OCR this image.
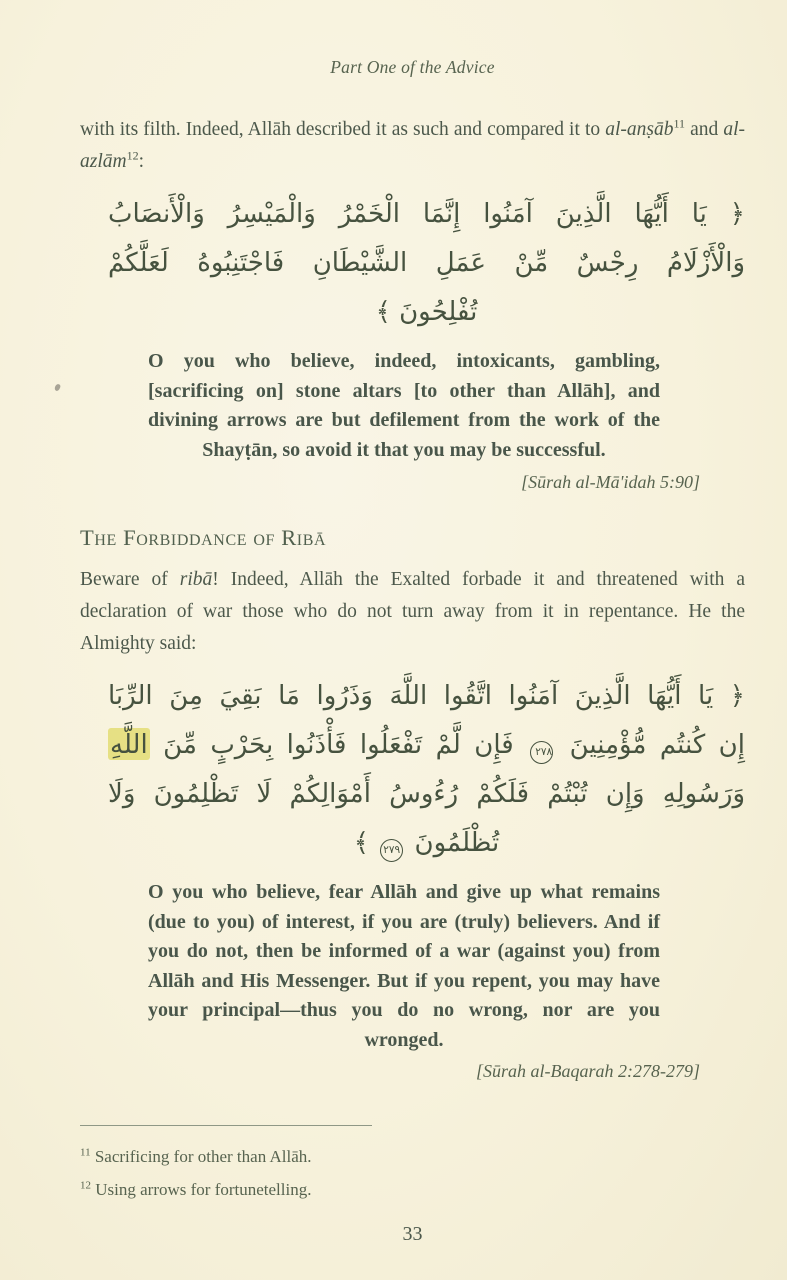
Part One of the Advice

with its filth. Indeed, Allāh described it as such and compared it to al-anṣāb$^{11}$ and al-azlām$^{12}$:

﴿ يَا أَيُّهَا الَّذِينَ آمَنُوا إِنَّمَا الْخَمْرُ وَالْمَيْسِرُ وَالْأَنصَابُ
وَالْأَزْلَامُ رِجْسٌ مِّنْ عَمَلِ الشَّيْطَانِ فَاجْتَنِبُوهُ لَعَلَّكُمْ
تُفْلِحُونَ ﴾

O you who believe, indeed, intoxicants, gambling, [sacrificing on] stone altars [to other than Allāh], and divining arrows are but defilement from the work of the Shayṭān, so avoid it that you may be successful.

[Sūrah al-Mā'idah 5:90]
The Forbiddance of Ribā

Beware of ribā! Indeed, Allāh the Exalted forbade it and threatened with a declaration of war those who do not turn away from it in repentance. He the Almighty said:

﴿ يَا أَيُّهَا الَّذِينَ آمَنُوا اتَّقُوا اللَّهَ وَذَرُوا مَا بَقِيَ مِنَ الرِّبَا
إِن كُنتُم مُّؤْمِنِينَ ٢٧٨ فَإِن لَّمْ تَفْعَلُوا فَأْذَنُوا بِحَرْبٍ مِّنَ اللَّهِ
وَرَسُولِهِ وَإِن تُبْتُمْ فَلَكُمْ رُءُوسُ أَمْوَالِكُمْ لَا تَظْلِمُونَ وَلَا
تُظْلَمُونَ ٢٧٩ ﴾

O you who believe, fear Allāh and give up what remains (due to you) of interest, if you are (truly) believers. And if you do not, then be informed of a war (against you) from Allāh and His Messenger. But if you repent, you may have your principal—thus you do no wrong, nor are you wronged.

[Sūrah al-Baqarah 2:278-279]
$^{11}$ Sacrificing for other than Allāh.
$^{12}$ Using arrows for fortunetelling.
33
